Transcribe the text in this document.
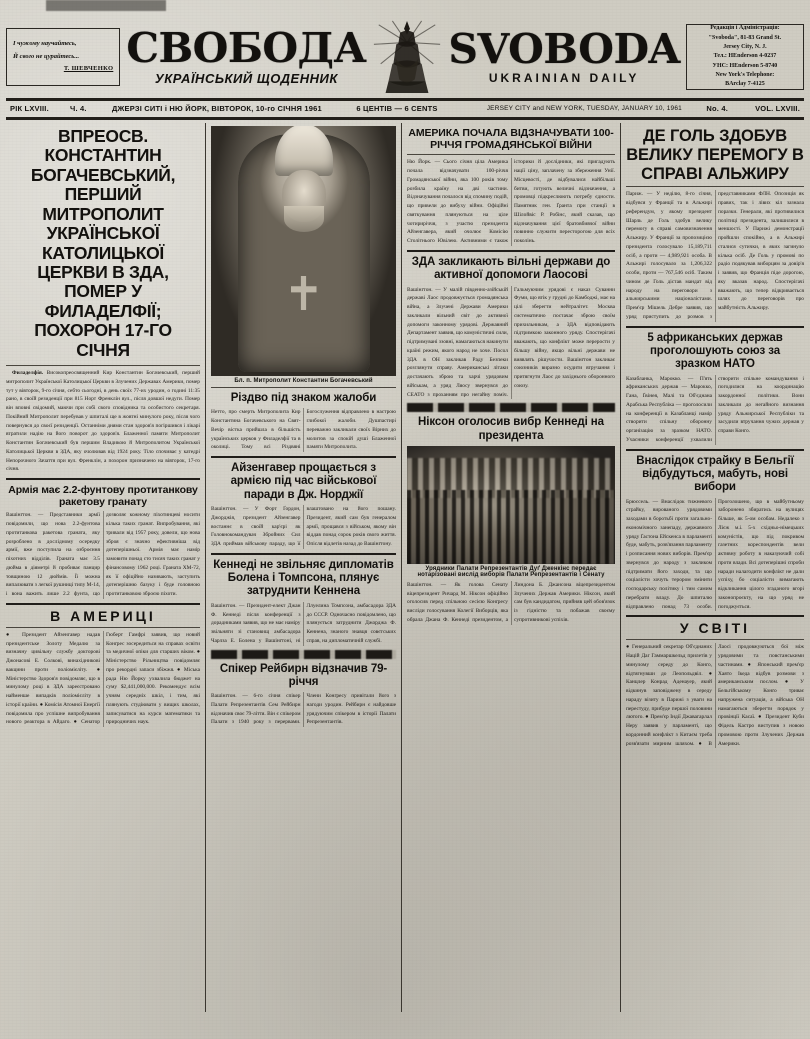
І чужому научайтесь,
Й свого не цурайтесь...
Т. ШЕВЧЕНКО СВОБОДА
УКРАЇНСЬКИЙ ЩОДЕННИК
SVOBODA
UKRAINIAN DAILY
Редакція і Адміністрація:
"Svoboda", 81-83 Grand St.
Jersey City, N. J.
Тел.: HEnderson 4-0237
УНС: HEnderson 5-8740
New York's Telephone:
BArclay 7-4125
РІК LXVIII.	Ч. 4.	ДЖЕРЗІ СИТІ і НЮ ЙОРК, ВІВТОРОК, 10-го СІЧНЯ 1961	6 ЦЕНТІВ — 6 CENTS	JERSEY CITY and NEW YORK, TUESDAY, JANUARY 10, 1961	No. 4.	VOL. LXVIII.
ВПРЕОСВ. КОНСТАНТИН БОГАЧЕВСЬКИЙ, ПЕРШИЙ МИТРОПОЛИТ УКРАЇНСЬКОЇ КАТОЛИЦЬКОЇ ЦЕРКВИ В ЗДА, ПОМЕР У ФИЛАДЕЛФІЇ; ПОХОРОН 17-ГО СІЧНЯ

Филаделфія. Високопреосвященний Кир Константин Богачевський, перший митрополит Української Католицької Церкви в Злучених Державах Америки, помер тут у вівторок, 9-го січня, себто сьогодні, в день своїх 77-их уродин, о годині 11:35 рано, в своїй резиденції при 815 Норт Френклін вул., після довшої недуги. Помер він вповні свідомий, маючи при собі свого сповідника та особистого секретаря. Покійний Митрополит перебував у шпиталі ще в жовтні минулого року, після чого повернувся до своєї резиденції. Останніми днями стан здоров'я погіршився і лікарі втратили надію на його поворот до здоров'я. Блаженної памяти Митрополит Константин Богачевський був першим Владикою й Митрополитом Української Католицької Церкви в ЗДА, яку очолював від 1924 року. Тіло спочиває у катедрі Непорочного Зачаття при вул. Френклін, а похорон призначено на вівторок, 17-го січня.

Армія має 2.2-фунтову протитанкову ракетову гранату
Вашінґтон. — Представники армії повідомили, що нова 2.2-фунтова протитанкова ракетова граната, яку розроблено в дослідному осередку армії, вже поступила на озброєння піхотних відділів. Граната має 3.5 дюйма в діяметрі й пробиває панцир товщиною 12 дюймів. Її можна випалювати з легкої рушниці типу М-14, і вона важить лише 2.2 фунта, що дозволяє кожному піхотинцеві носити кілька таких гранат. Випробування, які тривали від 1957 року, довели, що нова зброя є значно ефективніша від дотеперішньої. Армія має намір замовити понад сто тисяч таких гранат у фінансовому 1962 році. Граната ХМ-72, як її офіційно називають, заступить дотеперішню базуку і буде головною протитанковою зброєю піхоти.
В АМЕРИЦІ
● Президент Айзенгавер надав президентське Золоту Медалю за визначну цивільну службу докторові Джонасові Е. Солкові, винахідникові вакцини проти поліомієліту. ● Міністерство Здоров'я повідомляє, що в минулому році в ЗДА зареєстровано найменше випадків поліомієліту в історії країни. ● Комісія Атомної Енергії повідомила про успішне випробування нового реактора в Айдаго. ● Сенатор Гюберт Гамфрі заявив, що новий Конґрес зосередиться на справах освіти та медичної опіки для старших віком. ● Міністерство Рільництва повідомляє про рекордні запаси збіжжя. ● Міська рада Ню Йорку ухвалила бюджет на суму $2,441,000,000. Рекомендує всім учням середніх шкіл, і тим, які плянують студіювати у вищих школах, записуватися на курси математики та природничих наук.
Бл. п. Митрополит Константин Богачевський
Різдво під знаком жалоби
Нетто, про смерть Митрополита Кир Константина Богачевського на Свят-Вечір вістка прийшла в більшість українських церков у Филаделфії та в околиці. Тому всі Різдвяні Богослуження відправлено в настрою глибокої жалоби. Душпастирі переважно закликали своїх Вірних до молитов за спокій душі Блаженної памяти Митрополита.
Айзенгавер прощається з армією під час військової паради в Дж. Норджії
Вашінґтон. — У Форт Ґордон, Джорджія, президент Айзенгавер востаннє в своїй кар'єрі як Головнокомандувач Збройних Сил ЗДА приймав військову параду, що її влаштовано на його пошану. Президент, який сам був генералом армії, прощався з військом, якому він віддав понад сорок років свого життя. Опісля відлетів назад до Вашінґтону.
Кеннеді не звільняє дипломатів Болена і Томпсона, плянує затруднити Кеннена
Вашінґтон. — Президент-елект Джан Ф. Кеннеді після конференції з дорадниками заявив, що не має наміру звільняти зі становищ амбасадора Чарлза Е. Болена у Вашінґтоні, ні Ллуелина Томпсона, амбасадора ЗДА до СССР. Одночасно повідомлено, що плянується затруднити Джорджа Ф. Кеннена, знаного знавця совєтських справ, на дипломатичній службі.
Спікер Рейбирн відзначив 79-річчя
Вашінґтон. — 6-го січня спікер Палати Репрезентантів Сем Рейбирн відзначив своє 79-ліття. Він є спікером Палати з 1940 року з перервами. Члени Конґресу привітали його з нагоди уродин. Рейбирн є найдовше урядуючим спікером в історії Палати Репрезентантів.
АМЕРИКА ПОЧАЛА ВІДЗНАЧУВАТИ 100-РІЧЧЯ ГРОМАДЯНСЬКОЇ ВІЙНИ
Ню Йорк. — Сього січня ціла Америка почала відзначувати 100-річчя Громадянської війни, яка 100 років тому розбила країну на дві частини. Відзначування почалося від спомину подій, що привели до вибуху війни. Офіційні святкування плянуються на ціле чотириріччя, з участю президента Айзенгавера, який очолює Комісію Столітнього Ювілею. Активними є також історики й дослідники, які пригадують нації ціну, заплачену за збереження Унії. Місцевості, де відбувалися найбільші битви, готують величні відзначення, а промовці підкреслюють потребу єдности. Памятник ген. Ґранта при станції в Шілойвіс Р. Робінс, який сказав, що відзначування цієї братовбивчої війни повинно служити пересторогою для всіх поколінь.
ЗДА закликають вільні держави до активної допомоги Лаосові
Вашінґтон. — У малій південно-азійській державі Лаос продовжується громадянська війна, а Злучені Держави Америки закликали вільний світ до активної допомоги законному урядові. Державний Департамент заявив, що комуністичні сили, підтримувані ззовні, намагаються накинути країні режим, якого народ не хоче. Посол ЗДА в ОН закликав Раду Безпеки розглянути справу. Американські літаки достачають зброю та харчі урядовим військам, а уряд Ляосу звернувся до СЕАТО з проханням про негайну поміч. Гальмуючим урядові є наказ Суванни Фуми, що втік у грудні до Камбоджі, має на цілі зберегти нейтралітет. Москва систематично постачає зброю своїм прихильникам, а ЗДА відповідають підтримкою законного уряду. Спостерігачі вважають, що конфлікт може перерости у більшу війну, якщо вільні держави не виявлять рішучости. Вашінґтон закликає союзників виразно осудити втручання і притягнути Лаос до західнього оборонного союзу.
Ніксон оголосив вибр Кеннеді на президента
Урядники Палати Репрезентантів Дуґ Дженкінс передає нотарізовані вислід виборів Палати Репрезентантів і Сенату
Вашінґтон. — Як голова Сенату віцепрезидент Ричард М. Ніксон офіційно оголосив перед спільною сесією Конґресу висліди голосування Колегії Виборців, яка обрала Джана Ф. Кеннеді президентом, а Линдона Б. Джансона віцепрезидентом Злучених Держав Америки. Ніксон, який сам був кандидатом, прийняв цей обов'язок із гідністю та побажав своєму супротивникові успіхів.
ДЕ ГОЛЬ ЗДОБУВ ВЕЛИКУ ПЕРЕМОГУ В СПРАВІ АЛЬЖИРУ
Париж. — У неділю, 8-го січня, відбувся у Франції та в Альжирі референдум, у якому президент Шарль де Голь здобув велику перемогу в справі самовизначення Альжиру. У Франції за пропозицією президента голосувало 15,189,711 осіб, а проти — 4,989,921 особа. В Альжирі голосувало за 1,206,322 особи, проти — 767,546 осіб. Таким чином де Голь дістав мандат від народу на переговори з альжирськими націоналістами. Прем'єр Мішель Дебре заявив, що уряд приступить до розмов з представниками ФЛН. Опозиція як правих, так і лівих кіл зазнала поразки. Генерали, які противилися політиці президента, залишилися в меншості. У Парижі демонстрації пройшли спокійно, а в Альжирі сталися сутички, в яких загинуло кілька осіб. Де Голь у промові по радіо подякував виборцям за довір'я і заявив, що Франція піде дорогою, яку вказав народ. Спостерігачі вважають, що тепер відкривається шлях до переговорів про майбутність Альжиру.
5 африканських держав проголошують союз за зразком НАТО
Казабланка, Марокко. — П'ять африканських держав — Марокко, Гана, Ґвінея, Малі та Об'єднана Арабська Республіка — проголосили на конференції в Казабланці намір створити спільну оборонну організацію за зразком НАТО. Учасники конференції ухвалили створити спільне командування і погодилися на координацію закордонної політики. Вони закликали до негайного визнання уряду Альжирської Республіки та засудили втручання чужих держав у справи Конґо.
Внаслідок страйку в Бельгії відбудуться, мабуть, нові вибори
Брюссель. — Внаслідок тижневого страйку, вированого урядовими заходами в боротьбі проти загально-економічного занепаду, державного уряду Ґастона Ейскенса в парламенті буде, мабуть, розв'язання парламенту і розписання нових виборів. Прем'єр звернувся до народу з закликом підтримати його заходи, та що соціалісти хочуть терором змінити господарську політику і тим самим перебрати владу. До шпиталю відправлено понад 73 особи. Проголошено, що в майбутньому заборонено збиратись на вулицях більше, як 5-ом особам. Недалеко з Лієж м.і. 5-х східньо-німецьких комуністів, що під покривом газетних кореспондентів вели активну роботу в наказуючий собі проти влади. Всі дотеперішні спроби наради налагодити конфлікт не дали успіху, бо соціалісти вимагають відкликання цілого згаданого вгорі законопроєкту, на що уряд не погоджується.
У СВІТІ
● Генеральний секретар Об'єднаних Націй Даґ Гаммаршкельд прилетів у минулому середу до Конґо, відтягнувши до Леопольдвіл. ● Канцлер Конрад Аденауер, який відкинув заповіджену в середу нараду візиту в Парижі з уваги на перестуду, прибуде першої половини лютого. ● Прем'єр Індії Джавагарлал Неру заявив у парламенті, що кордонний конфлікт з Китаєм треба розв'язати мирним шляхом. ● В Лаосі продовжуються бої між урядовими та повстанськими частинами. ● Японський прем'єр Хаято Ікеда відбув розмови з американським послом. ● У Бельгійському Конґо триває напружена ситуація, а війська ОН намагаються зберегти порядок у провінції Касаї. ● Президент Куби Фідель Кастро виступив з новою промовою проти Злучених Держав Америки.
